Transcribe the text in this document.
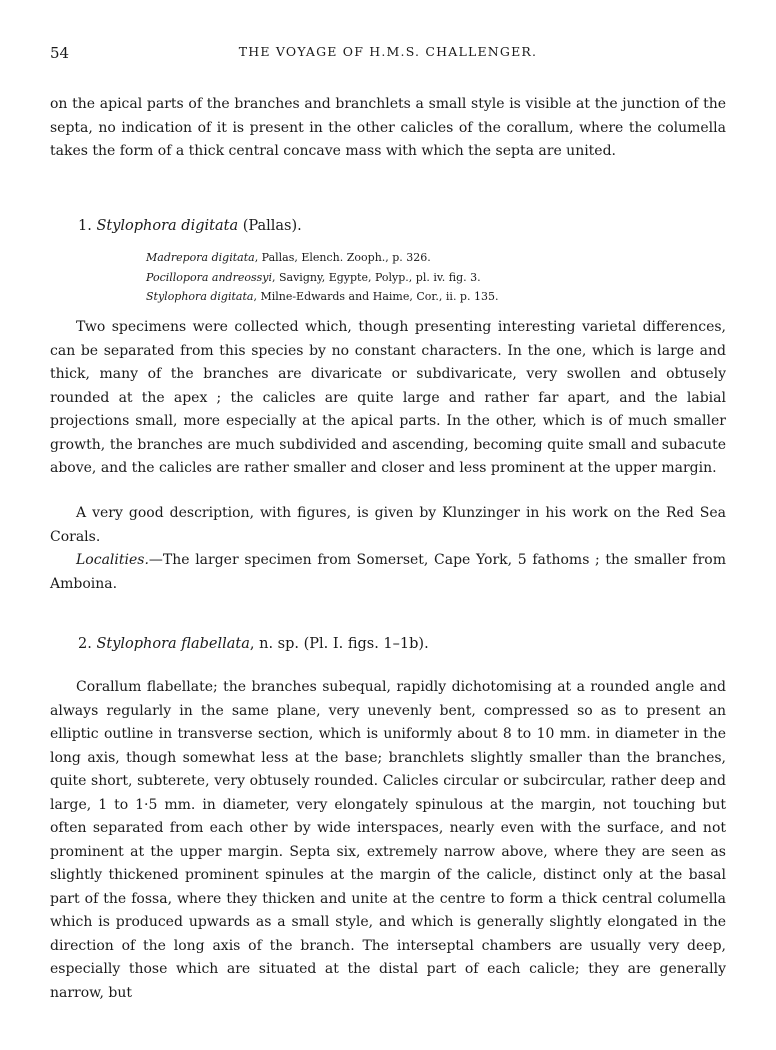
54	THE VOYAGE OF H.M.S. CHALLENGER.

on the apical parts of the branches and branchlets a small style is visible at the junction of the septa, no indication of it is present in the other calicles of the corallum, where the columella takes the form of a thick central concave mass with which the septa are united.

1. Stylophora digitata (Pallas).
Madrepora digitata, Pallas, Elench. Zooph., p. 326.
Pocillopora andreossyi, Savigny, Egypte, Polyp., pl. iv. fig. 3.
Stylophora digitata, Milne-Edwards and Haime, Cor., ii. p. 135.

Two specimens were collected which, though presenting interesting varietal differences, can be separated from this species by no constant characters. In the one, which is large and thick, many of the branches are divaricate or subdivaricate, very swollen and obtusely rounded at the apex ; the calicles are quite large and rather far apart, and the labial projections small, more especially at the apical parts. In the other, which is of much smaller growth, the branches are much subdivided and ascending, becoming quite small and subacute above, and the calicles are rather smaller and closer and less prominent at the upper margin.

A very good description, with figures, is given by Klunzinger in his work on the Red Sea Corals.

Localities.—The larger specimen from Somerset, Cape York, 5 fathoms ; the smaller from Amboina.

2. Stylophora flabellata, n. sp. (Pl. I. figs. 1–1b).

Corallum flabellate; the branches subequal, rapidly dichotomising at a rounded angle and always regularly in the same plane, very unevenly bent, compressed so as to present an elliptic outline in transverse section, which is uniformly about 8 to 10 mm. in diameter in the long axis, though somewhat less at the base; branchlets slightly smaller than the branches, quite short, subterete, very obtusely rounded. Calicles circular or subcircular, rather deep and large, 1 to 1·5 mm. in diameter, very elongately spinulous at the margin, not touching but often separated from each other by wide interspaces, nearly even with the surface, and not prominent at the upper margin. Septa six, extremely narrow above, where they are seen as slightly thickened prominent spinules at the margin of the calicle, distinct only at the basal part of the fossa, where they thicken and unite at the centre to form a thick central columella which is produced upwards as a small style, and which is generally slightly elongated in the direction of the long axis of the branch. The interseptal chambers are usually very deep, especially those which are situated at the distal part of each calicle; they are generally narrow, but
